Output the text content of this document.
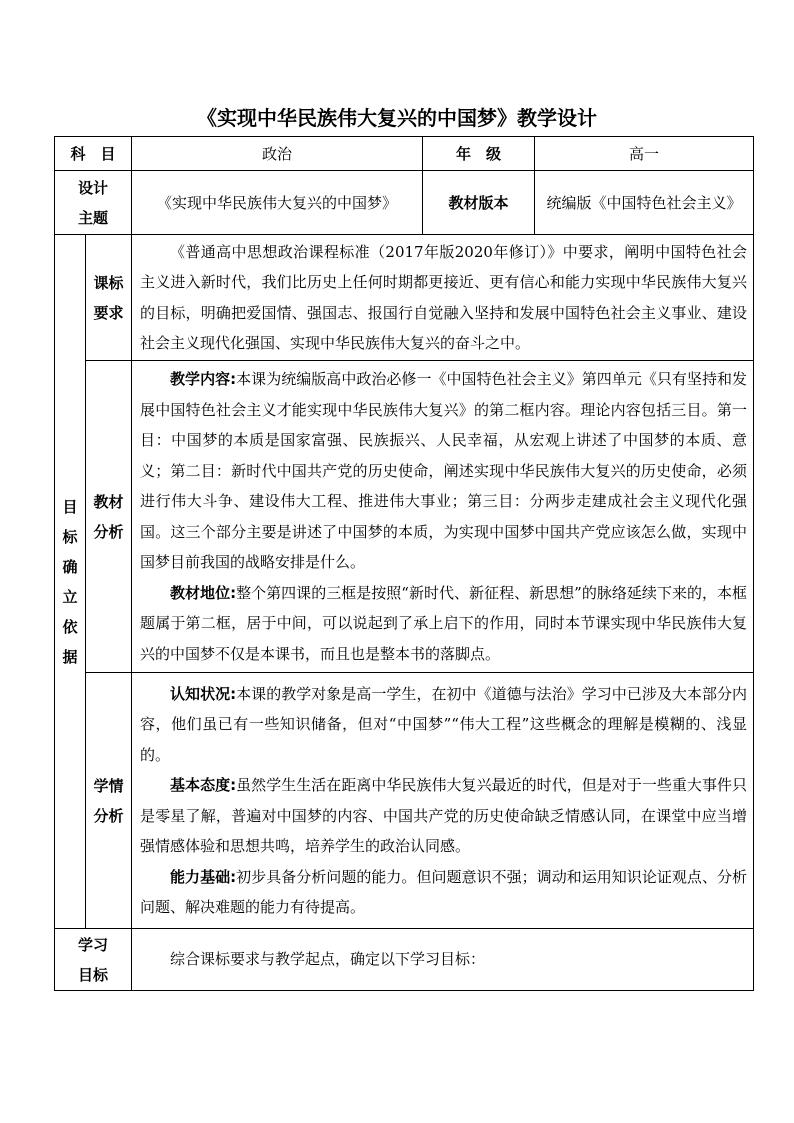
《实现中华民族伟大复兴的中国梦》教学设计
科　目		政治	年　级	高一

设计主题		《实现中华民族伟大复兴的中国梦》	教材版本	统编版《中国特色社会主义》

目标确立依据	课标要求	《普通高中思想政治课程标准（2017年版2020年修订）》中要求，阐明中国特色社会主义进入新时代，我们比历史上任何时期都更接近、更有信心和能力实现中华民族伟大复兴的目标，明确把爱国情、强国志、报国行自觉融入坚持和发展中国特色社会主义事业、建设社会主义现代化强国、实现中华民族伟大复兴的奋斗之中。		

	教材分析	教学内容:本课为统编版高中政治必修一《中国特色社会主义》第四单元《只有坚持和发展中国特色社会主义才能实现中华民族伟大复兴》的第二框内容。理论内容包括三目。第一目：中国梦的本质是国家富强、民族振兴、人民幸福，从宏观上讲述了中国梦的本质、意义；第二目：新时代中国共产党的历史使命，阐述实现中华民族伟大复兴的历史使命，必须进行伟大斗争、建设伟大工程、推进伟大事业；第三目：分两步走建成社会主义现代化强国。这三个部分主要是讲述了中国梦的本质，为实现中国梦中国共产党应该怎么做，实现中国梦目前我国的战略安排是什么。
教材地位:整个第四课的三框是按照“新时代、新征程、新思想”的脉络延续下来的，本框题属于第二框，居于中间，可以说起到了承上启下的作用，同时本节课实现中华民族伟大复兴的中国梦不仅是本课书，而且也是整本书的落脚点。		

	学情分析	认知状况:本课的教学对象是高一学生，在初中《道德与法治》学习中已涉及大本部分内容，他们虽已有一些知识储备，但对“中国梦”“伟大工程”这些概念的理解是模糊的、浅显的。
基本态度:虽然学生生活在距离中华民族伟大复兴最近的时代，但是对于一些重大事件只是零星了解，普遍对中国梦的内容、中国共产党的历史使命缺乏情感认同，在课堂中应当增强情感体验和思想共鸣，培养学生的政治认同感。
能力基础:初步具备分析问题的能力。但问题意识不强；调动和运用知识论证观点、分析问题、解决难题的能力有待提高。		

学习目标		综合课标要求与教学起点，确定以下学习目标：		
